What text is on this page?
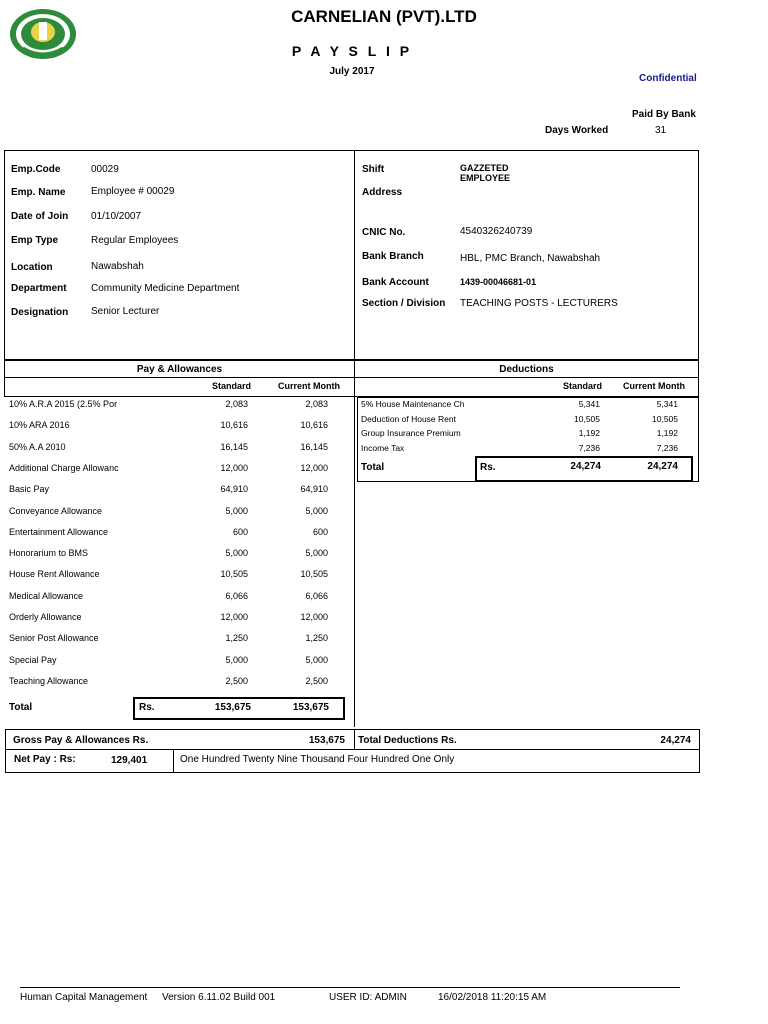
CARNELIAN (PVT).LTD
P A Y S L I P
July 2017
Confidential
Paid By Bank
Days Worked	31
Emp.Code	00029
Emp. Name	Employee # 00029
Date of Join 01/10/2007
Emp Type	Regular Employees
Location	Nawabshah
Department Community Medicine Department
Designation Senior Lecturer
Shift	GAZZETED
EMPLOYEE
Address
CNIC No.	4540326240739
Bank Branch	HBL, PMC Branch, Nawabshah
Bank Account	1439-00046681-01
Section / Division TEACHING POSTS - LECTURERS
Pay & Allowances
Standard	Current Month
10% A.R.A 2015 (2.5% Por	2,083	2,083
10% ARA 2016	10,616	10,616
50% A.A 2010	16,145	16,145
Additional Charge Allowanc	12,000	12,000
Basic Pay	64,910	64,910
Conveyance Allowance	5,000	5,000
Entertainment Allowance	600	600
Honorarium to BMS	5,000	5,000
House Rent Allowance	10,505	10,505
Medical Allowance	6,066	6,066
Orderly Allowance	12,000	12,000
Senior Post Allowance	1,250	1,250
Special Pay	5,000	5,000
Teaching Allowance	2,500	2,500
Total	Rs.	153,675	153,675
Deductions
Standard	Current Month
5% House Maintenance Ch	5,341	5,341
Deduction of House Rent	10,505	10,505
Group Insurance Premium	1,192	1,192
Income Tax	7,236	7,236
Total	Rs.	24,274	24,274
Gross Pay & Allowances Rs.	153,675 Total Deductions Rs.	24,274
Net Pay : Rs:	129,401	One Hundred Twenty Nine Thousand Four Hundred One Only
Human Capital Management Version 6.11.02 Build 001	USER ID: ADMIN	16/02/2018 11:20:15 AM
